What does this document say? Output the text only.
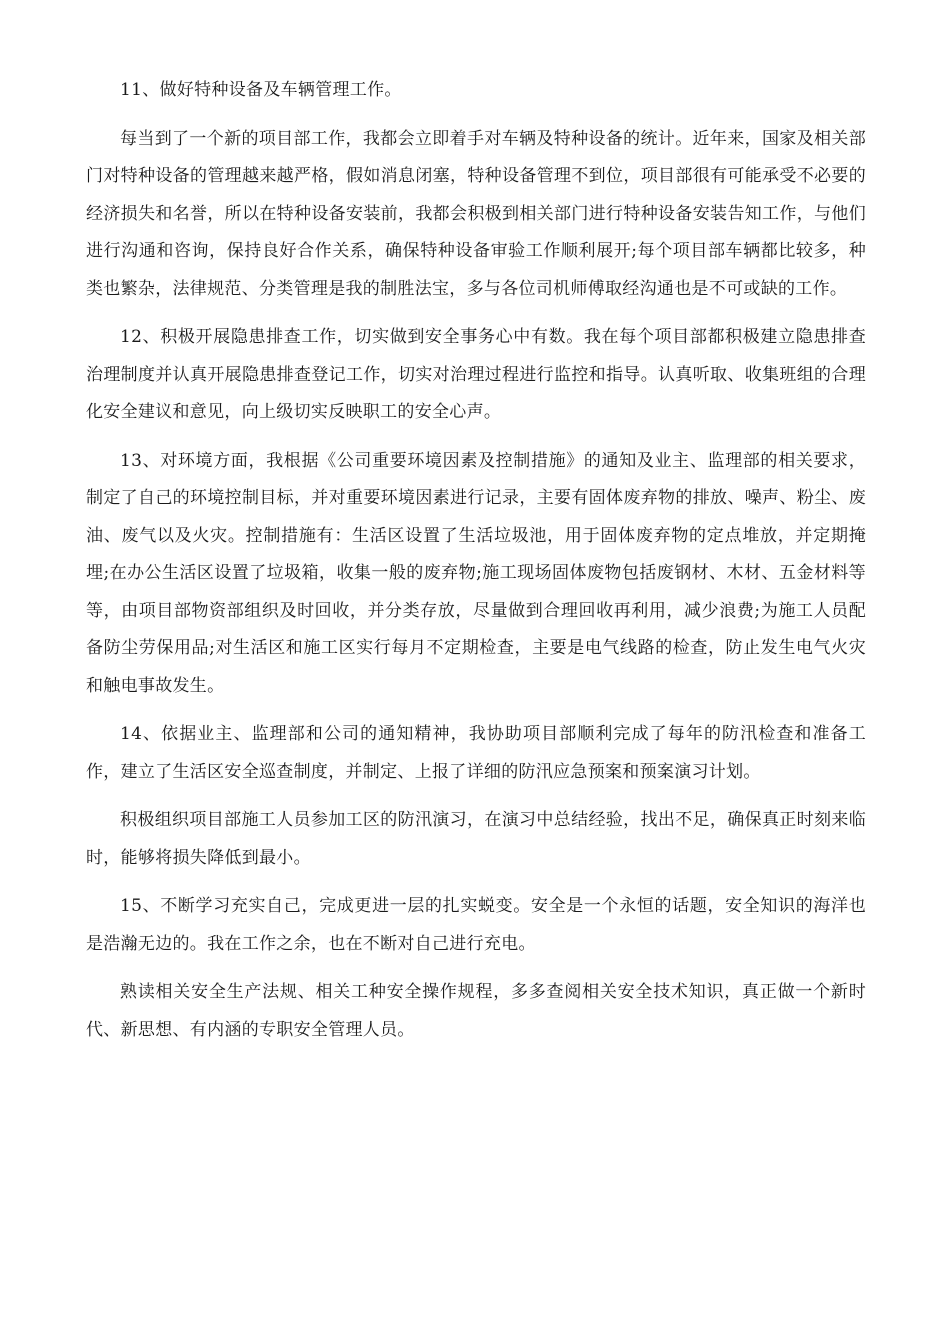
11、做好特种设备及车辆管理工作。

每当到了一个新的项目部工作，我都会立即着手对车辆及特种设备的统计。近年来，国家及相关部门对特种设备的管理越来越严格，假如消息闭塞，特种设备管理不到位，项目部很有可能承受不必要的经济损失和名誉，所以在特种设备安装前，我都会积极到相关部门进行特种设备安装告知工作，与他们进行沟通和咨询，保持良好合作关系，确保特种设备审验工作顺利展开;每个项目部车辆都比较多，种类也繁杂，法律规范、分类管理是我的制胜法宝，多与各位司机师傅取经沟通也是不可或缺的工作。

12、积极开展隐患排查工作，切实做到安全事务心中有数。我在每个项目部都积极建立隐患排查治理制度并认真开展隐患排查登记工作，切实对治理过程进行监控和指导。认真听取、收集班组的合理化安全建议和意见，向上级切实反映职工的安全心声。

13、对环境方面，我根据《公司重要环境因素及控制措施》的通知及业主、监理部的相关要求，制定了自己的环境控制目标，并对重要环境因素进行记录，主要有固体废弃物的排放、噪声、粉尘、废油、废气以及火灾。控制措施有：生活区设置了生活垃圾池，用于固体废弃物的定点堆放，并定期掩埋;在办公生活区设置了垃圾箱，收集一般的废弃物;施工现场固体废物包括废钢材、木材、五金材料等等，由项目部物资部组织及时回收，并分类存放，尽量做到合理回收再利用，减少浪费;为施工人员配备防尘劳保用品;对生活区和施工区实行每月不定期检查，主要是电气线路的检查，防止发生电气火灾和触电事故发生。

14、依据业主、监理部和公司的通知精神，我协助项目部顺利完成了每年的防汛检查和准备工作，建立了生活区安全巡查制度，并制定、上报了详细的防汛应急预案和预案演习计划。

积极组织项目部施工人员参加工区的防汛演习，在演习中总结经验，找出不足，确保真正时刻来临时，能够将损失降低到最小。

15、不断学习充实自己，完成更进一层的扎实蜕变。安全是一个永恒的话题，安全知识的海洋也是浩瀚无边的。我在工作之余，也在不断对自己进行充电。

熟读相关安全生产法规、相关工种安全操作规程，多多查阅相关安全技术知识，真正做一个新时代、新思想、有内涵的专职安全管理人员。
